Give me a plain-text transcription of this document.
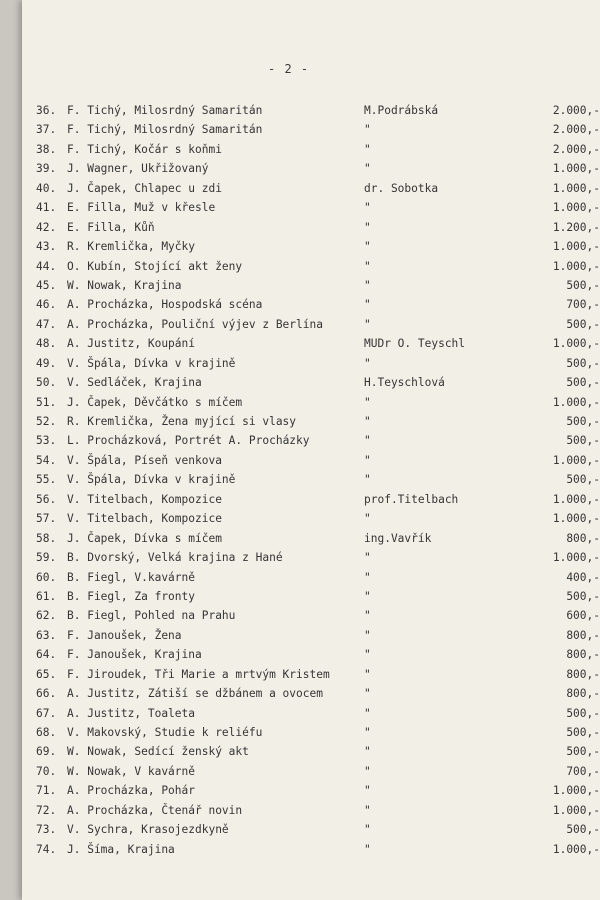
- 2 -
36. F. Tichý, Milosrdný Samaritán	M.Podrábská	2.000,-
37. F. Tichý, Milosrdný Samaritán	"	2.000,-
38. F. Tichý, Kočár s koňmi	"	2.000,-
39. J. Wagner, Ukřižovaný	"	1.000,-
40. J. Čapek, Chlapec u zdi	dr. Sobotka	1.000,-
41. E. Filla, Muž v křesle	"	1.000,-
42. E. Filla, Kůň	"	1.200,-
43. R. Kremlička, Myčky	"	1.000,-
44. O. Kubín, Stojící akt ženy	"	1.000,-
45. W. Nowak, Krajina	"	500,-
46. A. Procházka, Hospodská scéna	"	700,-
47. A. Procházka, Pouliční výjev z Berlína	"	500,-
48. A. Justitz, Koupání	MUDr O. Teyschl	1.000,-
49. V. Špála, Dívka v krajině	"	500,-
50. V. Sedláček, Krajina	H.Teyschlová	500,-
51. J. Čapek, Děvčátko s míčem	"	1.000,-
52. R. Kremlička, Žena myjící si vlasy	"	500,-
53. L. Procházková, Portrét A. Procházky	"	500,-
54. V. Špála, Píseň venkova	"	1.000,-
55. V. Špála, Dívka v krajině	"	500,-
56. V. Titelbach, Kompozice	prof.Titelbach	1.000,-
57. V. Titelbach, Kompozice	"	1.000,-
58. J. Čapek, Dívka s míčem	ing.Vavřík	800,-
59. B. Dvorský, Velká krajina z Hané	"	1.000,-
60. B. Fiegl, V.kavárně	"	400,-
61. B. Fiegl, Za fronty	"	500,-
62. B. Fiegl, Pohled na Prahu	"	600,-
63. F. Janoušek, Žena	"	800,-
64. F. Janoušek, Krajina	"	800,-
65. F. Jiroudek, Tři Marie a mrtvým Kristem	"	800,-
66. A. Justitz, Zátiší se džbánem a ovocem	"	800,-
67. A. Justitz, Toaleta	"	500,-
68. V. Makovský, Studie k reliéfu	"	500,-
69. W. Nowak, Sedící ženský akt	"	500,-
70. W. Nowak, V kavárně	"	700,-
71. A. Procházka, Pohár	"	1.000,-
72. A. Procházka, Čtenář novin	"	1.000,-
73. V. Sychra, Krasojezdkyně	"	500,-
74. J. Šíma, Krajina	"	1.000,-
